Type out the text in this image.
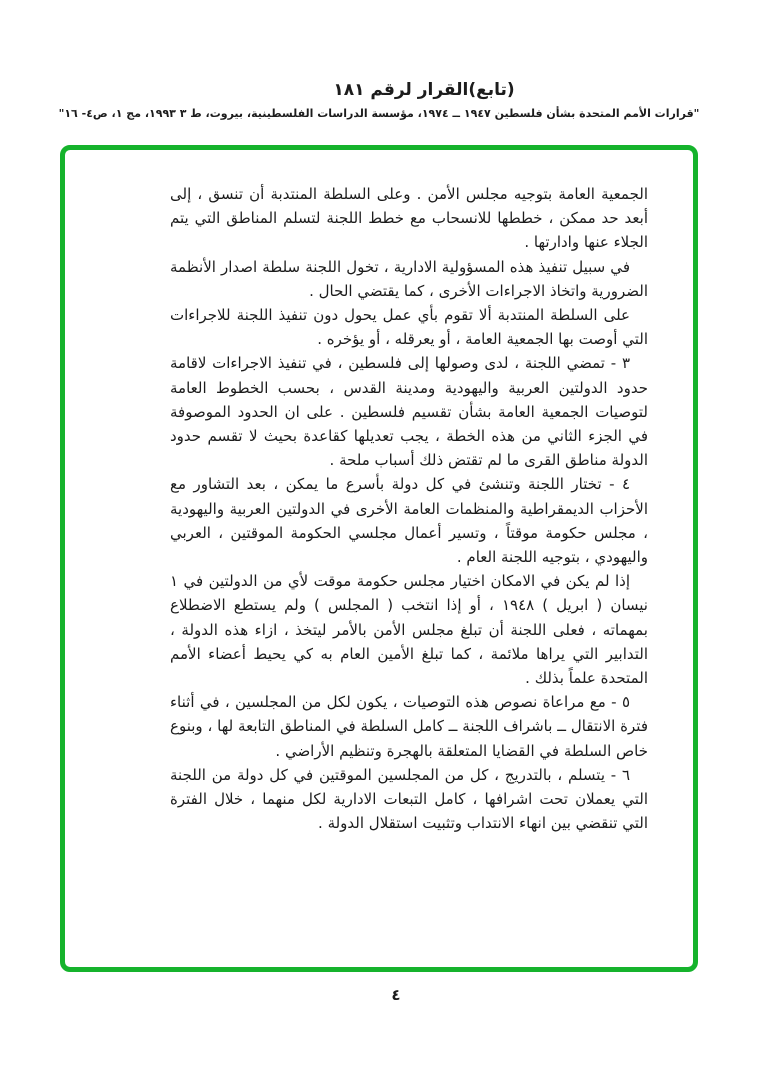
(تابع)القرار لرقم ١٨١
"قرارات الأمم المتحدة بشأن فلسطين ١٩٤٧ ــ ١٩٧٤، مؤسسة الدراسات الفلسطينية، بيروت، ط ٣ ١٩٩٣، مج ١، ص٤- ١٦"

الجمعية العامة بتوجيه مجلس الأمن . وعلى السلطة المنتدبة أن تنسق ، إلى أبعد حد ممكن ، خططها للانسحاب مع خطط اللجنة لتسلم المناطق التي يتم الجلاء عنها وادارتها .

في سبيل تنفيذ هذه المسؤولية الادارية ، تخول اللجنة سلطة اصدار الأنظمة الضرورية واتخاذ الاجراءات الأخرى ، كما يقتضي الحال .

على السلطة المنتدبة ألا تقوم بأي عمل يحول دون تنفيذ اللجنة للاجراءات التي أوصت بها الجمعية العامة ، أو يعرقله ، أو يؤخره .

٣ - تمضي اللجنة ، لدى وصولها إلى فلسطين ، في تنفيذ الاجراءات لاقامة حدود الدولتين العربية واليهودية ومدينة القدس ، بحسب الخطوط العامة لتوصيات الجمعية العامة بشأن تقسيم فلسطين . على ان الحدود الموصوفة في الجزء الثاني من هذه الخطة ، يجب تعديلها كقاعدة بحيث لا تقسم حدود الدولة مناطق القرى ما لم تقتض ذلك أسباب ملحة .

٤ - تختار اللجنة وتنشئ في كل دولة بأسرع ما يمكن ، بعد التشاور مع الأحزاب الديمقراطية والمنظمات العامة الأخرى في الدولتين العربية واليهودية ، مجلس حكومة موقتاً ، وتسير أعمال مجلسي الحكومة الموقتين ، العربي واليهودي ، بتوجيه اللجنة العام .

إذا لم يكن في الامكان اختيار مجلس حكومة موقت لأي من الدولتين في ١ نيسان ( ابريل ) ١٩٤٨ ، أو إذا انتخب ( المجلس ) ولم يستطع الاضطلاع بمهماته ، فعلى اللجنة أن تبلغ مجلس الأمن بالأمر ليتخذ ، ازاء هذه الدولة ، التدابير التي يراها ملائمة ، كما تبلغ الأمين العام به كي يحيط أعضاء الأمم المتحدة علماً بذلك .

٥ - مع مراعاة نصوص هذه التوصيات ، يكون لكل من المجلسين ، في أثناء فترة الانتقال ــ باشراف اللجنة ــ كامل السلطة في المناطق التابعة لها ، وبنوع خاص السلطة في القضايا المتعلقة بالهجرة وتنظيم الأراضي .

٦ - يتسلم ، بالتدريج ، كل من المجلسين الموقتين في كل دولة من اللجنة التي يعملان تحت اشرافها ، كامل التبعات الادارية لكل منهما ، خلال الفترة التي تنقضي بين انهاء الانتداب وتثبيت استقلال الدولة .

٤
